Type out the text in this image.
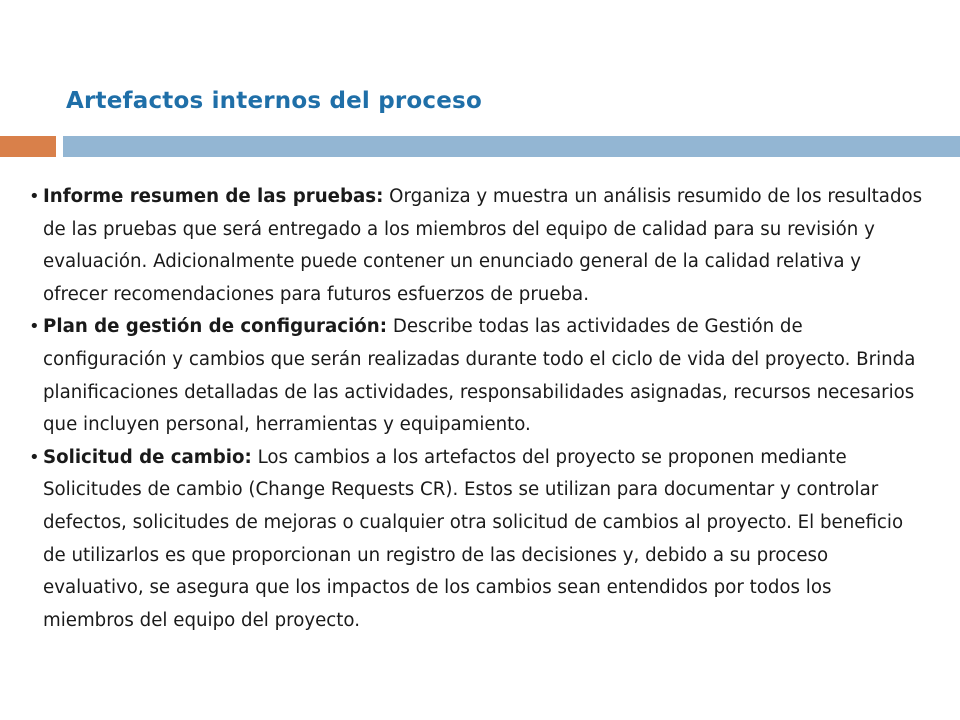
Artefactos internos del proceso
• Informe resumen de las pruebas: Organiza y muestra un análisis resumido de los resultados de las pruebas que será entregado a los miembros del equipo de calidad para su revisión y evaluación. Adicionalmente puede contener un enunciado general de la calidad relativa y ofrecer recomendaciones para futuros esfuerzos de prueba.
• Plan de gestión de configuración: Describe todas las actividades de Gestión de configuración y cambios que serán realizadas durante todo el ciclo de vida del proyecto. Brinda planificaciones detalladas de las actividades, responsabilidades asignadas, recursos necesarios que incluyen personal, herramientas y equipamiento.
• Solicitud de cambio: Los cambios a los artefactos del proyecto se proponen mediante Solicitudes de cambio (Change Requests CR). Estos se utilizan para documentar y controlar defectos, solicitudes de mejoras o cualquier otra solicitud de cambios al proyecto. El beneficio de utilizarlos es que proporcionan un registro de las decisiones y, debido a su proceso evaluativo, se asegura que los impactos de los cambios sean entendidos por todos los miembros del equipo del proyecto.
